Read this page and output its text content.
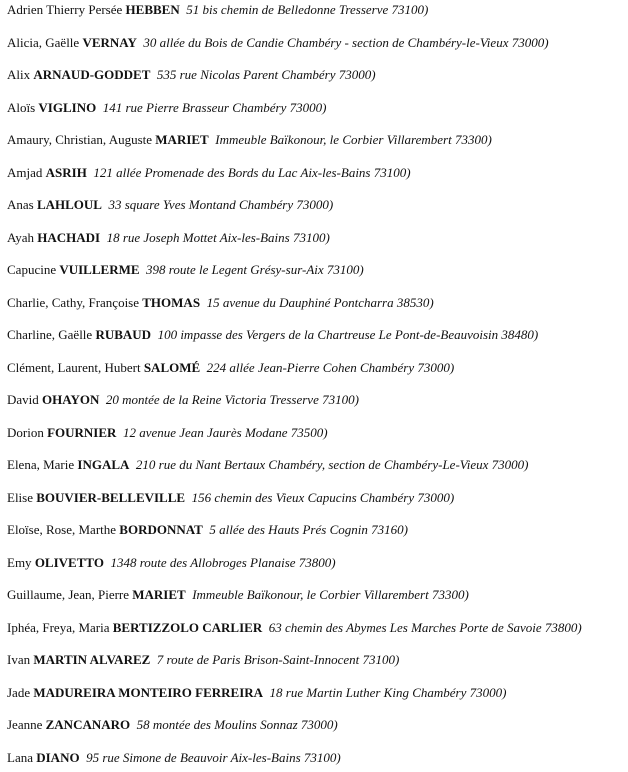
Adrien Thierry Persée HEBBEN 51 bis chemin de Belledonne Tresserve 73100)
Alicia, Gaëlle VERNAY 30 allée du Bois de Candie Chambéry - section de Chambéry-le-Vieux 73000)
Alix ARNAUD-GODDET 535 rue Nicolas Parent Chambéry 73000)
Aloïs VIGLINO 141 rue Pierre Brasseur Chambéry 73000)
Amaury, Christian, Auguste MARIET Immeuble Baïkonour, le Corbier Villarembert 73300)
Amjad ASRIH 121 allée Promenade des Bords du Lac Aix-les-Bains 73100)
Anas LAHLOUL 33 square Yves Montand Chambéry 73000)
Ayah HACHADI 18 rue Joseph Mottet Aix-les-Bains 73100)
Capucine VUILLERME 398 route le Legent Grésy-sur-Aix 73100)
Charlie, Cathy, Françoise THOMAS 15 avenue du Dauphiné Pontcharra 38530)
Charline, Gaëlle RUBAUD 100 impasse des Vergers de la Chartreuse Le Pont-de-Beauvoisin 38480)
Clément, Laurent, Hubert SALOMÉ 224 allée Jean-Pierre Cohen Chambéry 73000)
David OHAYON 20 montée de la Reine Victoria Tresserve 73100)
Dorion FOURNIER 12 avenue Jean Jaurès Modane 73500)
Elena, Marie INGALA 210 rue du Nant Bertaux Chambéry, section de Chambéry-Le-Vieux 73000)
Elise BOUVIER-BELLEVILLE 156 chemin des Vieux Capucins Chambéry 73000)
Eloïse, Rose, Marthe BORDONNAT 5 allée des Hauts Prés Cognin 73160)
Emy OLIVETTO 1348 route des Allobroges Planaise 73800)
Guillaume, Jean, Pierre MARIET Immeuble Baïkonour, le Corbier Villarembert 73300)
Iphéa, Freya, Maria BERTIZZOLO CARLIER 63 chemin des Abymes Les Marches Porte de Savoie 73800)
Ivan MARTIN ALVAREZ 7 route de Paris Brison-Saint-Innocent 73100)
Jade MADUREIRA MONTEIRO FERREIRA 18 rue Martin Luther King Chambéry 73000)
Jeanne ZANCANARO 58 montée des Moulins Sonnaz 73000)
Lana DIANO 95 rue Simone de Beauvoir Aix-les-Bains 73100)
